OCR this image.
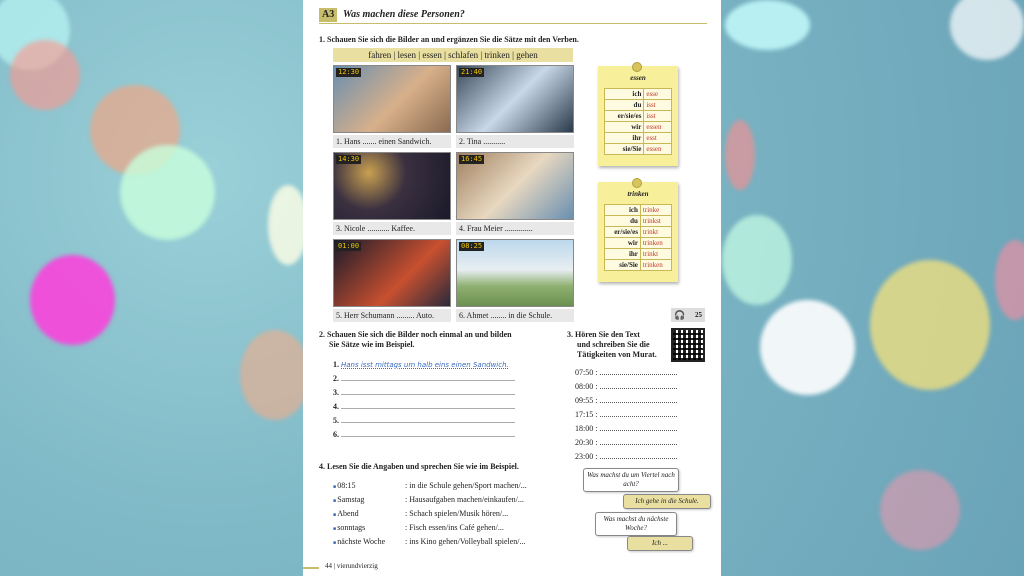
A3 Was machen diese Personen?
1. Schauen Sie sich die Bilder an und ergänzen Sie die Sätze mit den Verben.
fahren | lesen | essen | schlafen | trinken | gehen
12:30
1. Hans ....... einen Sandwich.
21:40
2. Tina ...........
14:30
3. Nicole ........... Kaffee.
16:45
4. Frau Meier ..............
01:00
5. Herr Schumann ......... Auto.
08:25
6. Ahmet ........ in die Schule.
essen
ich	esse
du	isst
er/sie/es	isst
wir	essen
ihr	esst
sie/Sie	essen
trinken
ich	trinke
du	trinkst
er/sie/es	trinkt
wir	trinken
ihr	trinkt
sie/Sie	trinken
🎧 25
2. Schauen Sie sich die Bilder noch einmal an und bilden
Sie Sätze wie im Beispiel.
1. Hans isst mittags um halb eins einen Sandwich.
2. .......................................................................................
3. .......................................................................................
4. .......................................................................................
5. .......................................................................................
6. .......................................................................................
3. Hören Sie den Text
und schreiben Sie die
Tätigkeiten von Murat.
07:50 : .......................................
08:00 : .......................................
09:55 : .......................................
17:15 : .......................................
18:00 : .......................................
20:30 : .......................................
23:00 : .......................................
4. Lesen Sie die Angaben und sprechen Sie wie im Beispiel.
■ 08:15	: in die Schule gehen/Sport machen/...
■ Samstag	: Hausaufgaben machen/einkaufen/...
■ Abend	: Schach spielen/Musik hören/...
■ sonntags	: Fisch essen/ins Café gehen/...
■ nächste Woche	: ins Kino gehen/Volleyball spielen/...
Was machst du um Viertel nach acht?
Ich gehe in die Schule.
Was machst du nächste Woche?
Ich ...
44 | vierundvierzig
